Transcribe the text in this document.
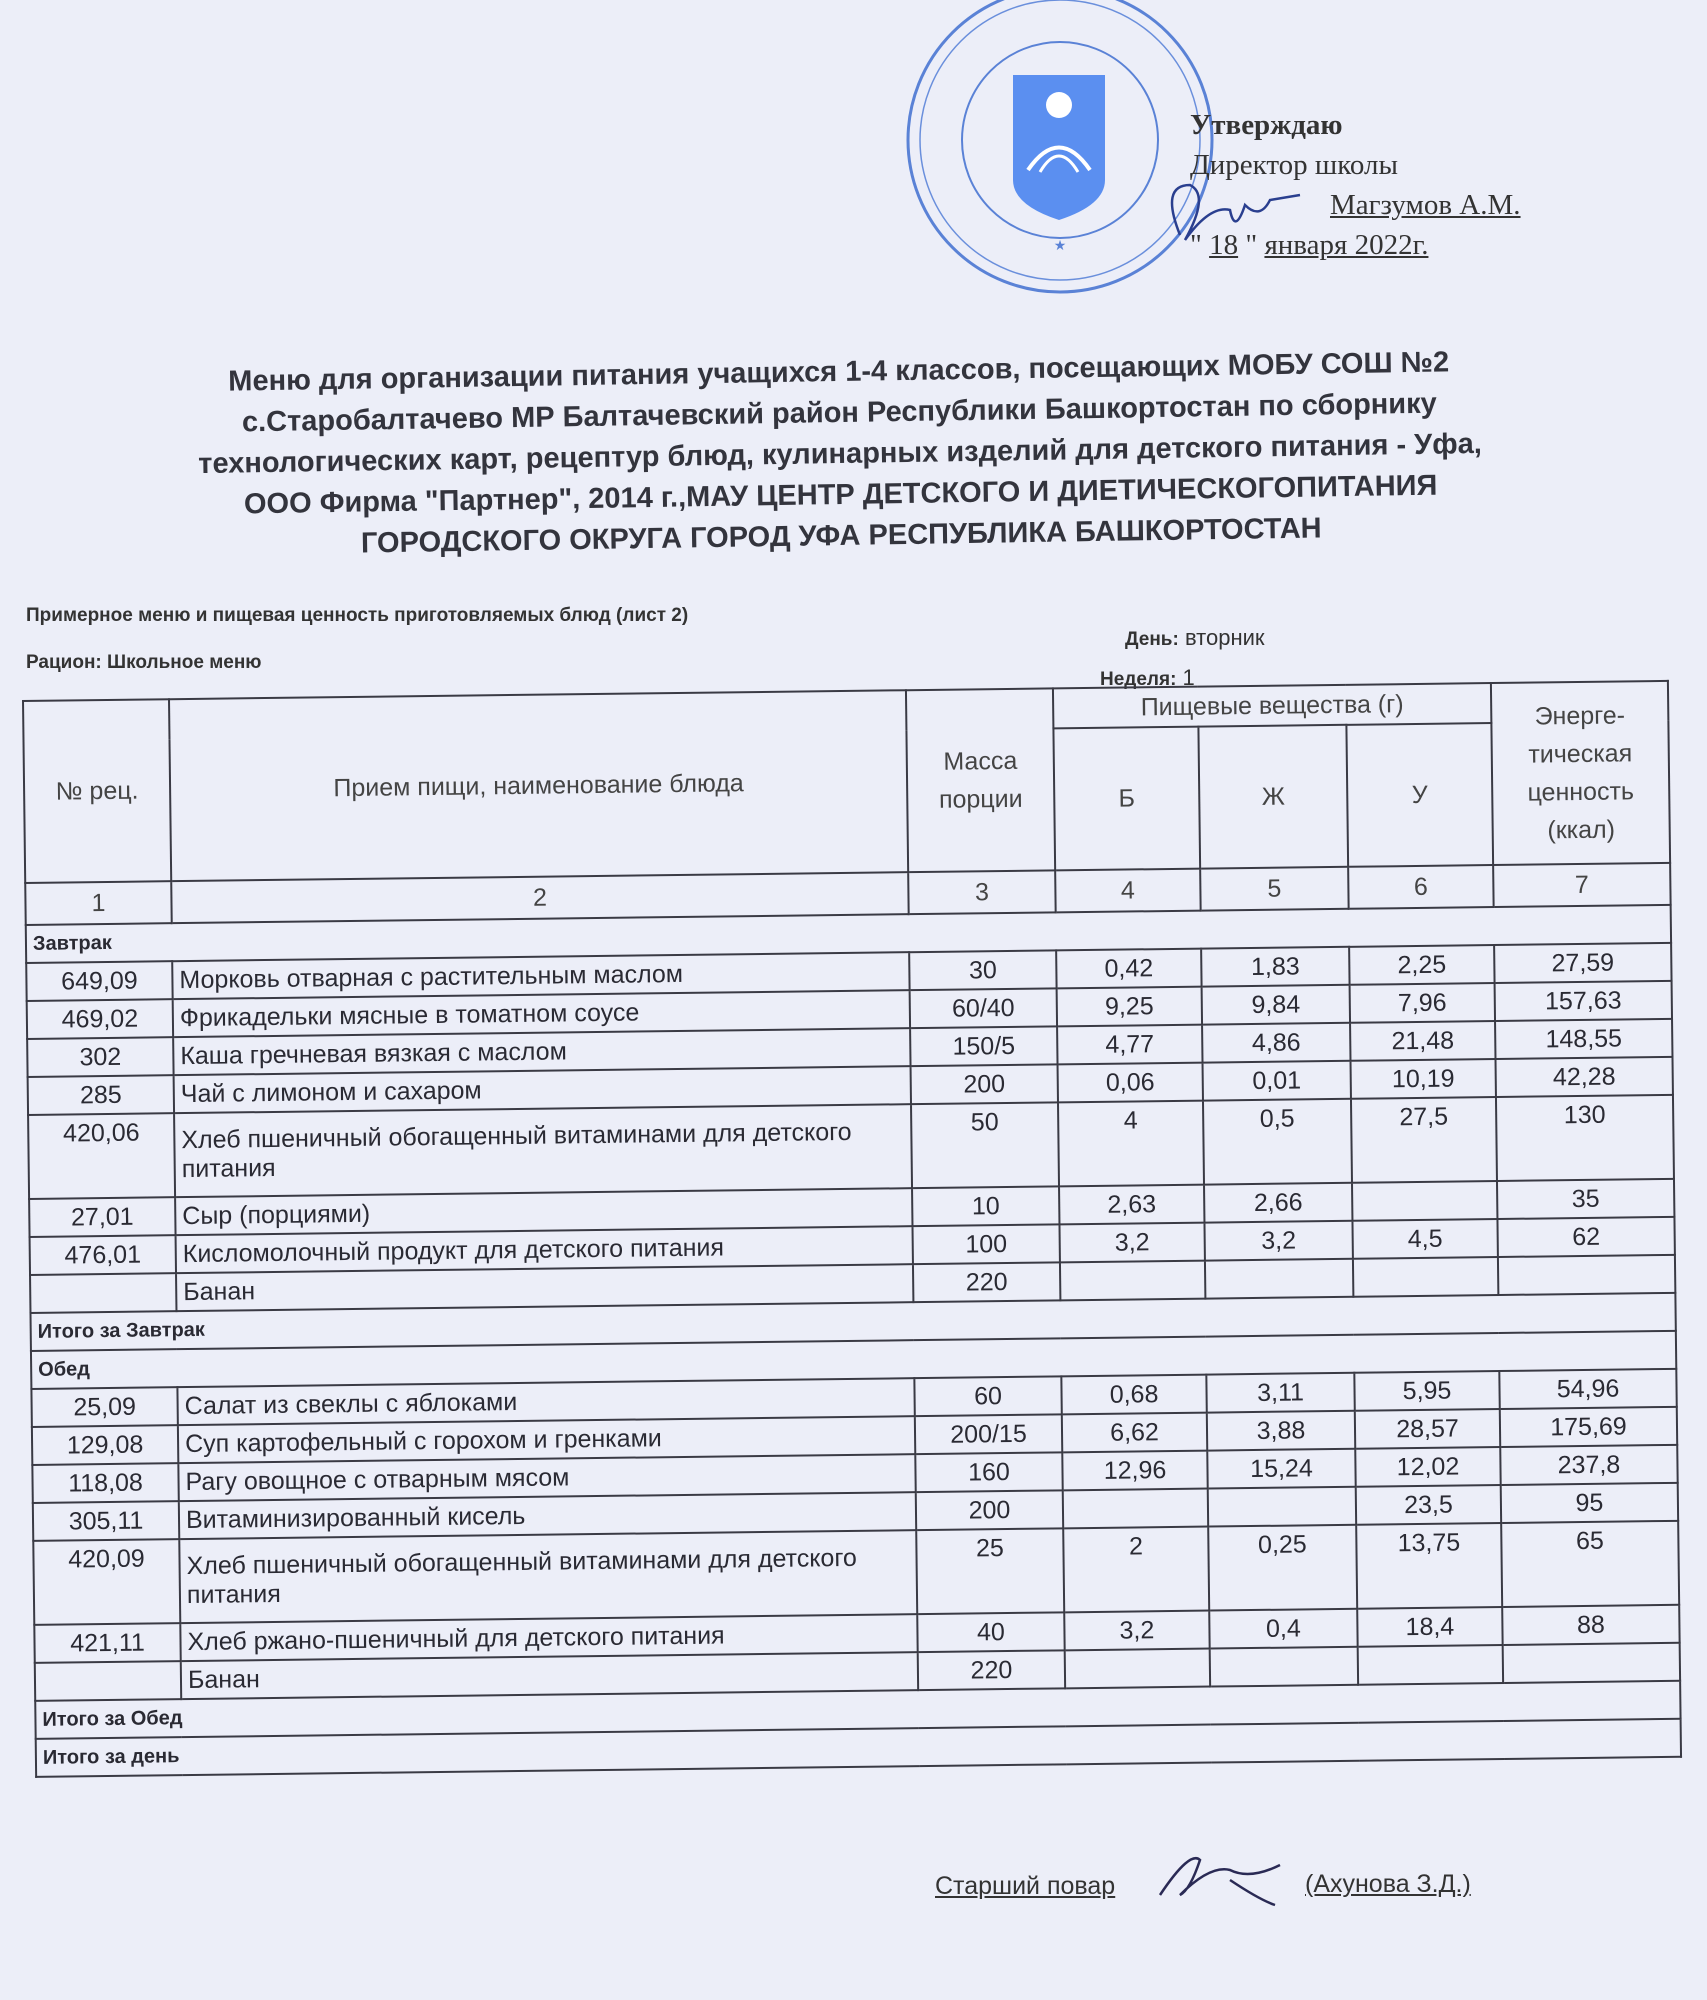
★
Утверждаю
Директор школы
Магзумов А.М.
" 18 " января 2022г.
Меню для организации питания учащихся 1-4 классов, посещающих МОБУ СОШ №2
с.Старобалтачево МР Балтачевский район Республики Башкортостан по сборнику
технологических карт, рецептур блюд, кулинарных изделий для детского питания - Уфа,
ООО Фирма "Партнер", 2014 г.,МАУ ЦЕНТР ДЕТСКОГО И ДИЕТИЧЕСКОГОПИТАНИЯ
ГОРОДСКОГО ОКРУГА ГОРОД УФА РЕСПУБЛИКА БАШКОРТОСТАН
Примерное меню и пищевая ценность приготовляемых блюд (лист 2)
Рацион: Школьное меню
День: вторник
Неделя: 1
№ рец.	Прием пищи, наименование блюда	Масса порции	Пищевые вещества (г)			Энерге-тическая ценность (ккал)
			Б	Ж	У	
1	2	3	4	5	6	7
Завтрак						
649,09	Морковь отварная с растительным маслом	30	0,42	1,83	2,25	27,59
469,02	Фрикадельки мясные в томатном соусе	60/40	9,25	9,84	7,96	157,63
302	Каша гречневая вязкая с маслом	150/5	4,77	4,86	21,48	148,55
285	Чай с лимоном и сахаром	200	0,06	0,01	10,19	42,28
420,06	Хлеб пшеничный обогащенный витаминами для детского питания	50	4	0,5	27,5	130
27,01	Сыр (порциями)	10	2,63	2,66		35
476,01	Кисломолочный продукт для детского питания	100	3,2	3,2	4,5	62
	Банан	220				
Итого за Завтрак						
Обед						
25,09	Салат из свеклы с яблоками	60	0,68	3,11	5,95	54,96
129,08	Суп картофельный с горохом и гренками	200/15	6,62	3,88	28,57	175,69
118,08	Рагу овощное с отварным мясом	160	12,96	15,24	12,02	237,8
305,11	Витаминизированный кисель	200			23,5	95
420,09	Хлеб пшеничный обогащенный витаминами для детского питания	25	2	0,25	13,75	65
421,11	Хлеб ржано-пшеничный для детского питания	40	3,2	0,4	18,4	88
	Банан	220				
Итого за Обед						
Итого за день						
Старший повар	(Ахунова З.Д.)
